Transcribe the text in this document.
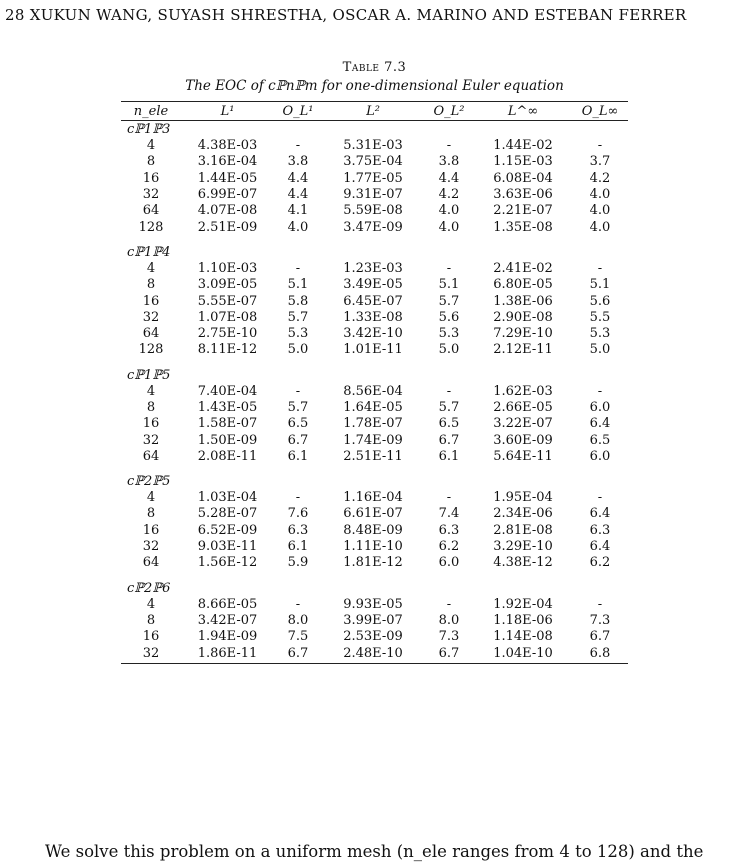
28 XUKUN WANG, SUYASH SHRESTHA, OSCAR A. MARINO AND ESTEBAN FERRER
Table 7.3
The EOC of cℙnℙm for one-dimensional Euler equation
n_ele	L¹	O_L¹	L²	O_L²	L^∞	O_L∞
cℙ1ℙ3						
4	4.38E-03	-	5.31E-03	-	1.44E-02	-
8	3.16E-04	3.8	3.75E-04	3.8	1.15E-03	3.7
16	1.44E-05	4.4	1.77E-05	4.4	6.08E-04	4.2
32	6.99E-07	4.4	9.31E-07	4.2	3.63E-06	4.0
64	4.07E-08	4.1	5.59E-08	4.0	2.21E-07	4.0
128	2.51E-09	4.0	3.47E-09	4.0	1.35E-08	4.0

cℙ1ℙ4						
4	1.10E-03	-	1.23E-03	-	2.41E-02	-
8	3.09E-05	5.1	3.49E-05	5.1	6.80E-05	5.1
16	5.55E-07	5.8	6.45E-07	5.7	1.38E-06	5.6
32	1.07E-08	5.7	1.33E-08	5.6	2.90E-08	5.5
64	2.75E-10	5.3	3.42E-10	5.3	7.29E-10	5.3
128	8.11E-12	5.0	1.01E-11	5.0	2.12E-11	5.0

cℙ1ℙ5						
4	7.40E-04	-	8.56E-04	-	1.62E-03	-
8	1.43E-05	5.7	1.64E-05	5.7	2.66E-05	6.0
16	1.58E-07	6.5	1.78E-07	6.5	3.22E-07	6.4
32	1.50E-09	6.7	1.74E-09	6.7	3.60E-09	6.5
64	2.08E-11	6.1	2.51E-11	6.1	5.64E-11	6.0

cℙ2ℙ5						
4	1.03E-04	-	1.16E-04	-	1.95E-04	-
8	5.28E-07	7.6	6.61E-07	7.4	2.34E-06	6.4
16	6.52E-09	6.3	8.48E-09	6.3	2.81E-08	6.3
32	9.03E-11	6.1	1.11E-10	6.2	3.29E-10	6.4
64	1.56E-12	5.9	1.81E-12	6.0	4.38E-12	6.2

cℙ2ℙ6						
4	8.66E-05	-	9.93E-05	-	1.92E-04	-
8	3.42E-07	8.0	3.99E-07	8.0	1.18E-06	7.3
16	1.94E-09	7.5	2.53E-09	7.3	1.14E-08	6.7
32	1.86E-11	6.7	2.48E-10	6.7	1.04E-10	6.8
We solve this problem on a uniform mesh (n_ele ranges from 4 to 128) and the
